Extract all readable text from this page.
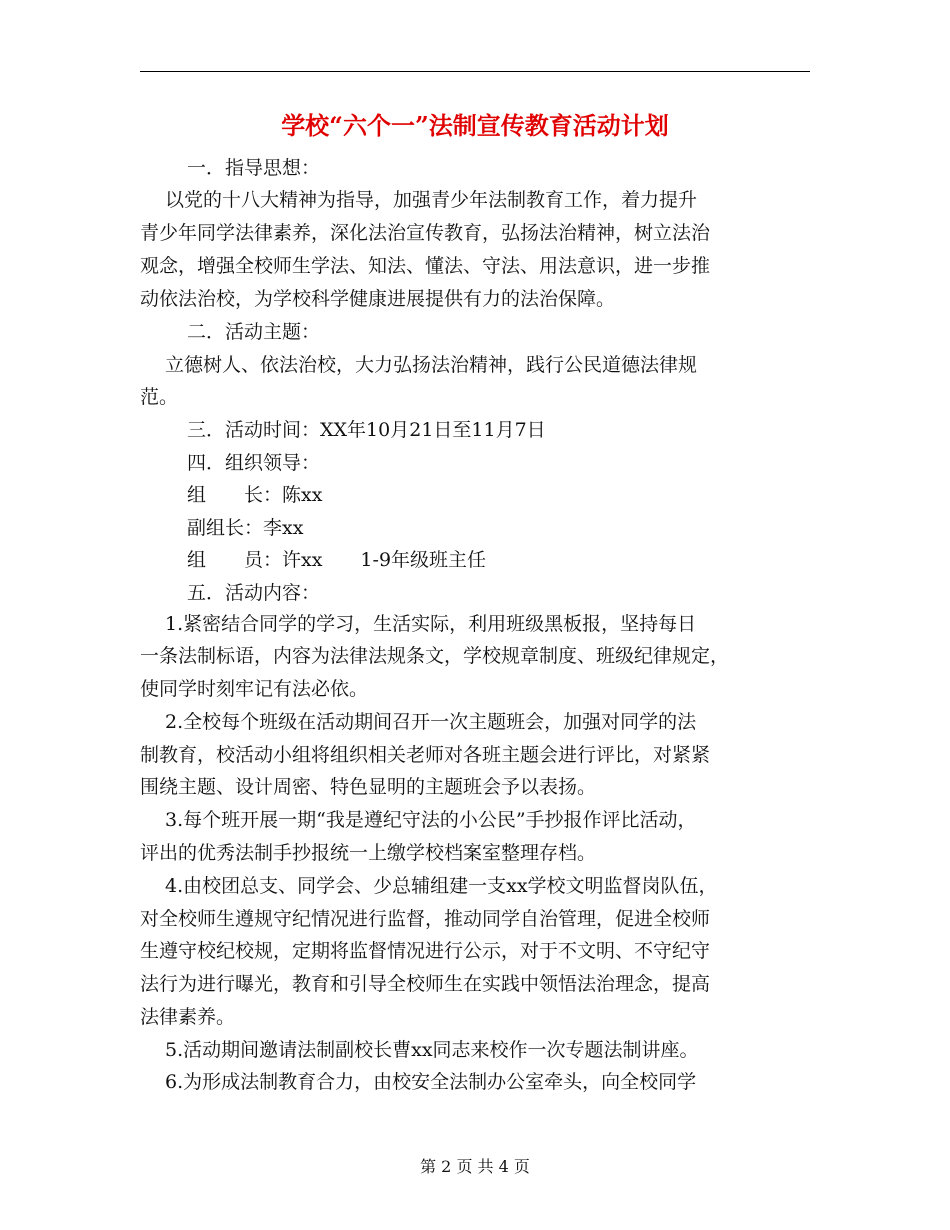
学校“六个一”法制宣传教育活动计划
一．指导思想：
以党的十八大精神为指导，加强青少年法制教育工作，着力提升
青少年同学法律素养，深化法治宣传教育，弘扬法治精神，树立法治
观念，增强全校师生学法、知法、懂法、守法、用法意识，进一步推
动依法治校，为学校科学健康进展提供有力的法治保障。
二．活动主题：
立德树人、依法治校，大力弘扬法治精神，践行公民道德法律规
范。
三．活动时间：XX年10月21日至11月7日
四．组织领导：
组　　长：陈xx
副组长：李xx
组　　员：许xx　　1-9年级班主任
五．活动内容：
1.紧密结合同学的学习，生活实际，利用班级黑板报，坚持每日
一条法制标语，内容为法律法规条文，学校规章制度、班级纪律规定，
使同学时刻牢记有法必依。
2.全校每个班级在活动期间召开一次主题班会，加强对同学的法
制教育，校活动小组将组织相关老师对各班主题会进行评比，对紧紧
围绕主题、设计周密、特色显明的主题班会予以表扬。
3.每个班开展一期“我是遵纪守法的小公民”手抄报作评比活动，
评出的优秀法制手抄报统一上缴学校档案室整理存档。
4.由校团总支、同学会、少总辅组建一支xx学校文明监督岗队伍，
对全校师生遵规守纪情况进行监督，推动同学自治管理，促进全校师
生遵守校纪校规，定期将监督情况进行公示，对于不文明、不守纪守
法行为进行曝光，教育和引导全校师生在实践中领悟法治理念，提高
法律素养。
5.活动期间邀请法制副校长曹xx同志来校作一次专题法制讲座。
6.为形成法制教育合力，由校安全法制办公室牵头，向全校同学
第 2 页 共 4 页
